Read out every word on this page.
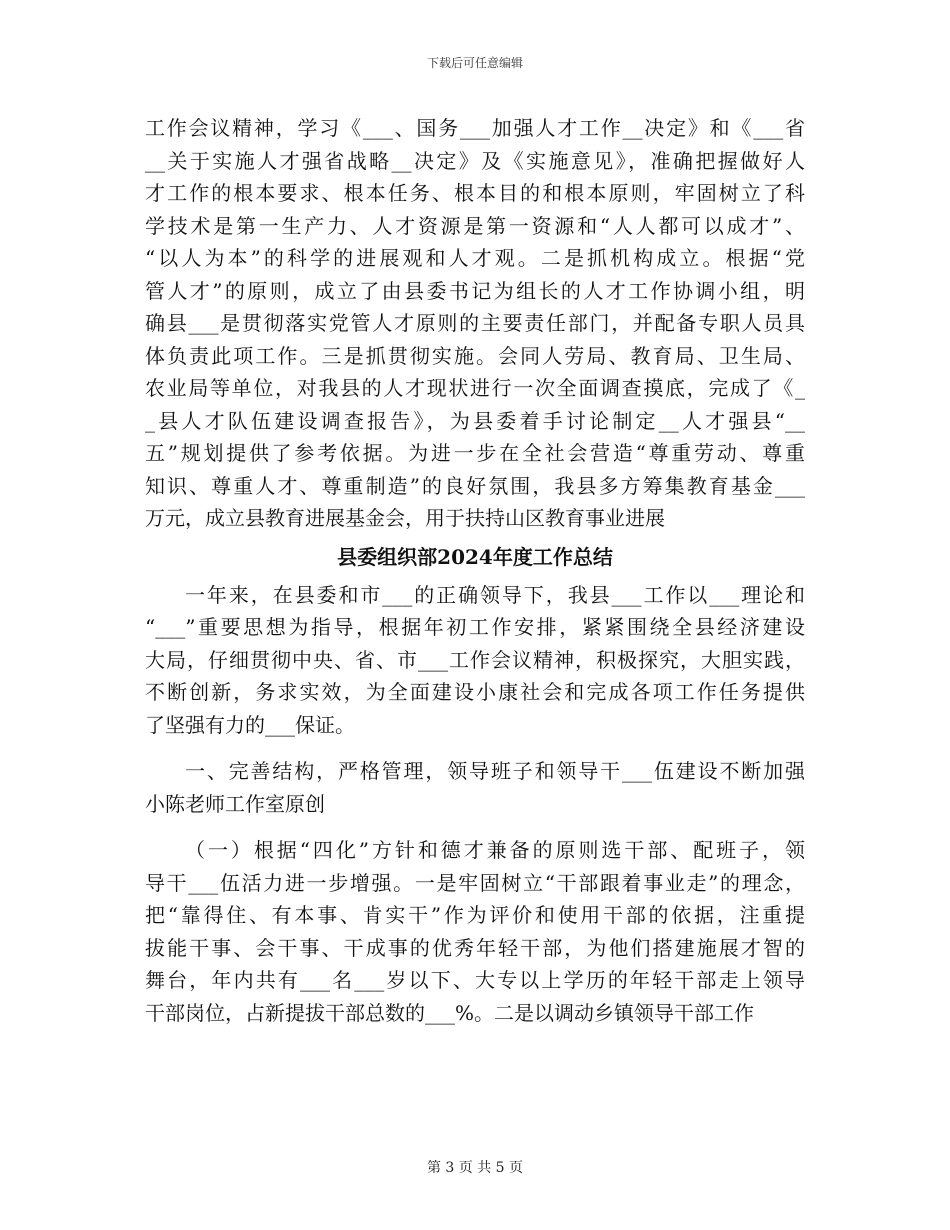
下载后可任意编辑
工作会议精神，学习《___、国务___加强人才工作__决定》和《___省
__关于实施人才强省战略__决定》及《实施意见》，准确把握做好人
才工作的根本要求、根本任务、根本目的和根本原则，牢固树立了科
学技术是第一生产力、人才资源是第一资源和“人人都可以成才”、
“以人为本”的科学的进展观和人才观。二是抓机构成立。根据“党
管人才”的原则，成立了由县委书记为组长的人才工作协调小组，明
确县___是贯彻落实党管人才原则的主要责任部门，并配备专职人员具
体负责此项工作。三是抓贯彻实施。会同人劳局、教育局、卫生局、
农业局等单位，对我县的人才现状进行一次全面调查摸底，完成了《_
_县人才队伍建设调查报告》，为县委着手讨论制定__人才强县“__
五”规划提供了参考依据。为进一步在全社会营造“尊重劳动、尊重
知识、尊重人才、尊重制造”的良好氛围，我县多方筹集教育基金___
万元，成立县教育进展基金会，用于扶持山区教育事业进展
县委组织部2024年度工作总结
一年来，在县委和市___的正确领导下，我县___工作以___理论和
“___”重要思想为指导，根据年初工作安排，紧紧围绕全县经济建设
大局，仔细贯彻中央、省、市___工作会议精神，积极探究，大胆实践，
不断创新，务求实效，为全面建设小康社会和完成各项工作任务提供
了坚强有力的___保证。
一、完善结构，严格管理，领导班子和领导干___伍建设不断加强
小陈老师工作室原创
（一）根据“四化”方针和德才兼备的原则选干部、配班子，领
导干___伍活力进一步增强。一是牢固树立“干部跟着事业走”的理念，
把“靠得住、有本事、肯实干”作为评价和使用干部的依据，注重提
拔能干事、会干事、干成事的优秀年轻干部，为他们搭建施展才智的
舞台，年内共有___名___岁以下、大专以上学历的年轻干部走上领导
干部岗位，占新提拔干部总数的___%。二是以调动乡镇领导干部工作
第 3 页 共 5 页
